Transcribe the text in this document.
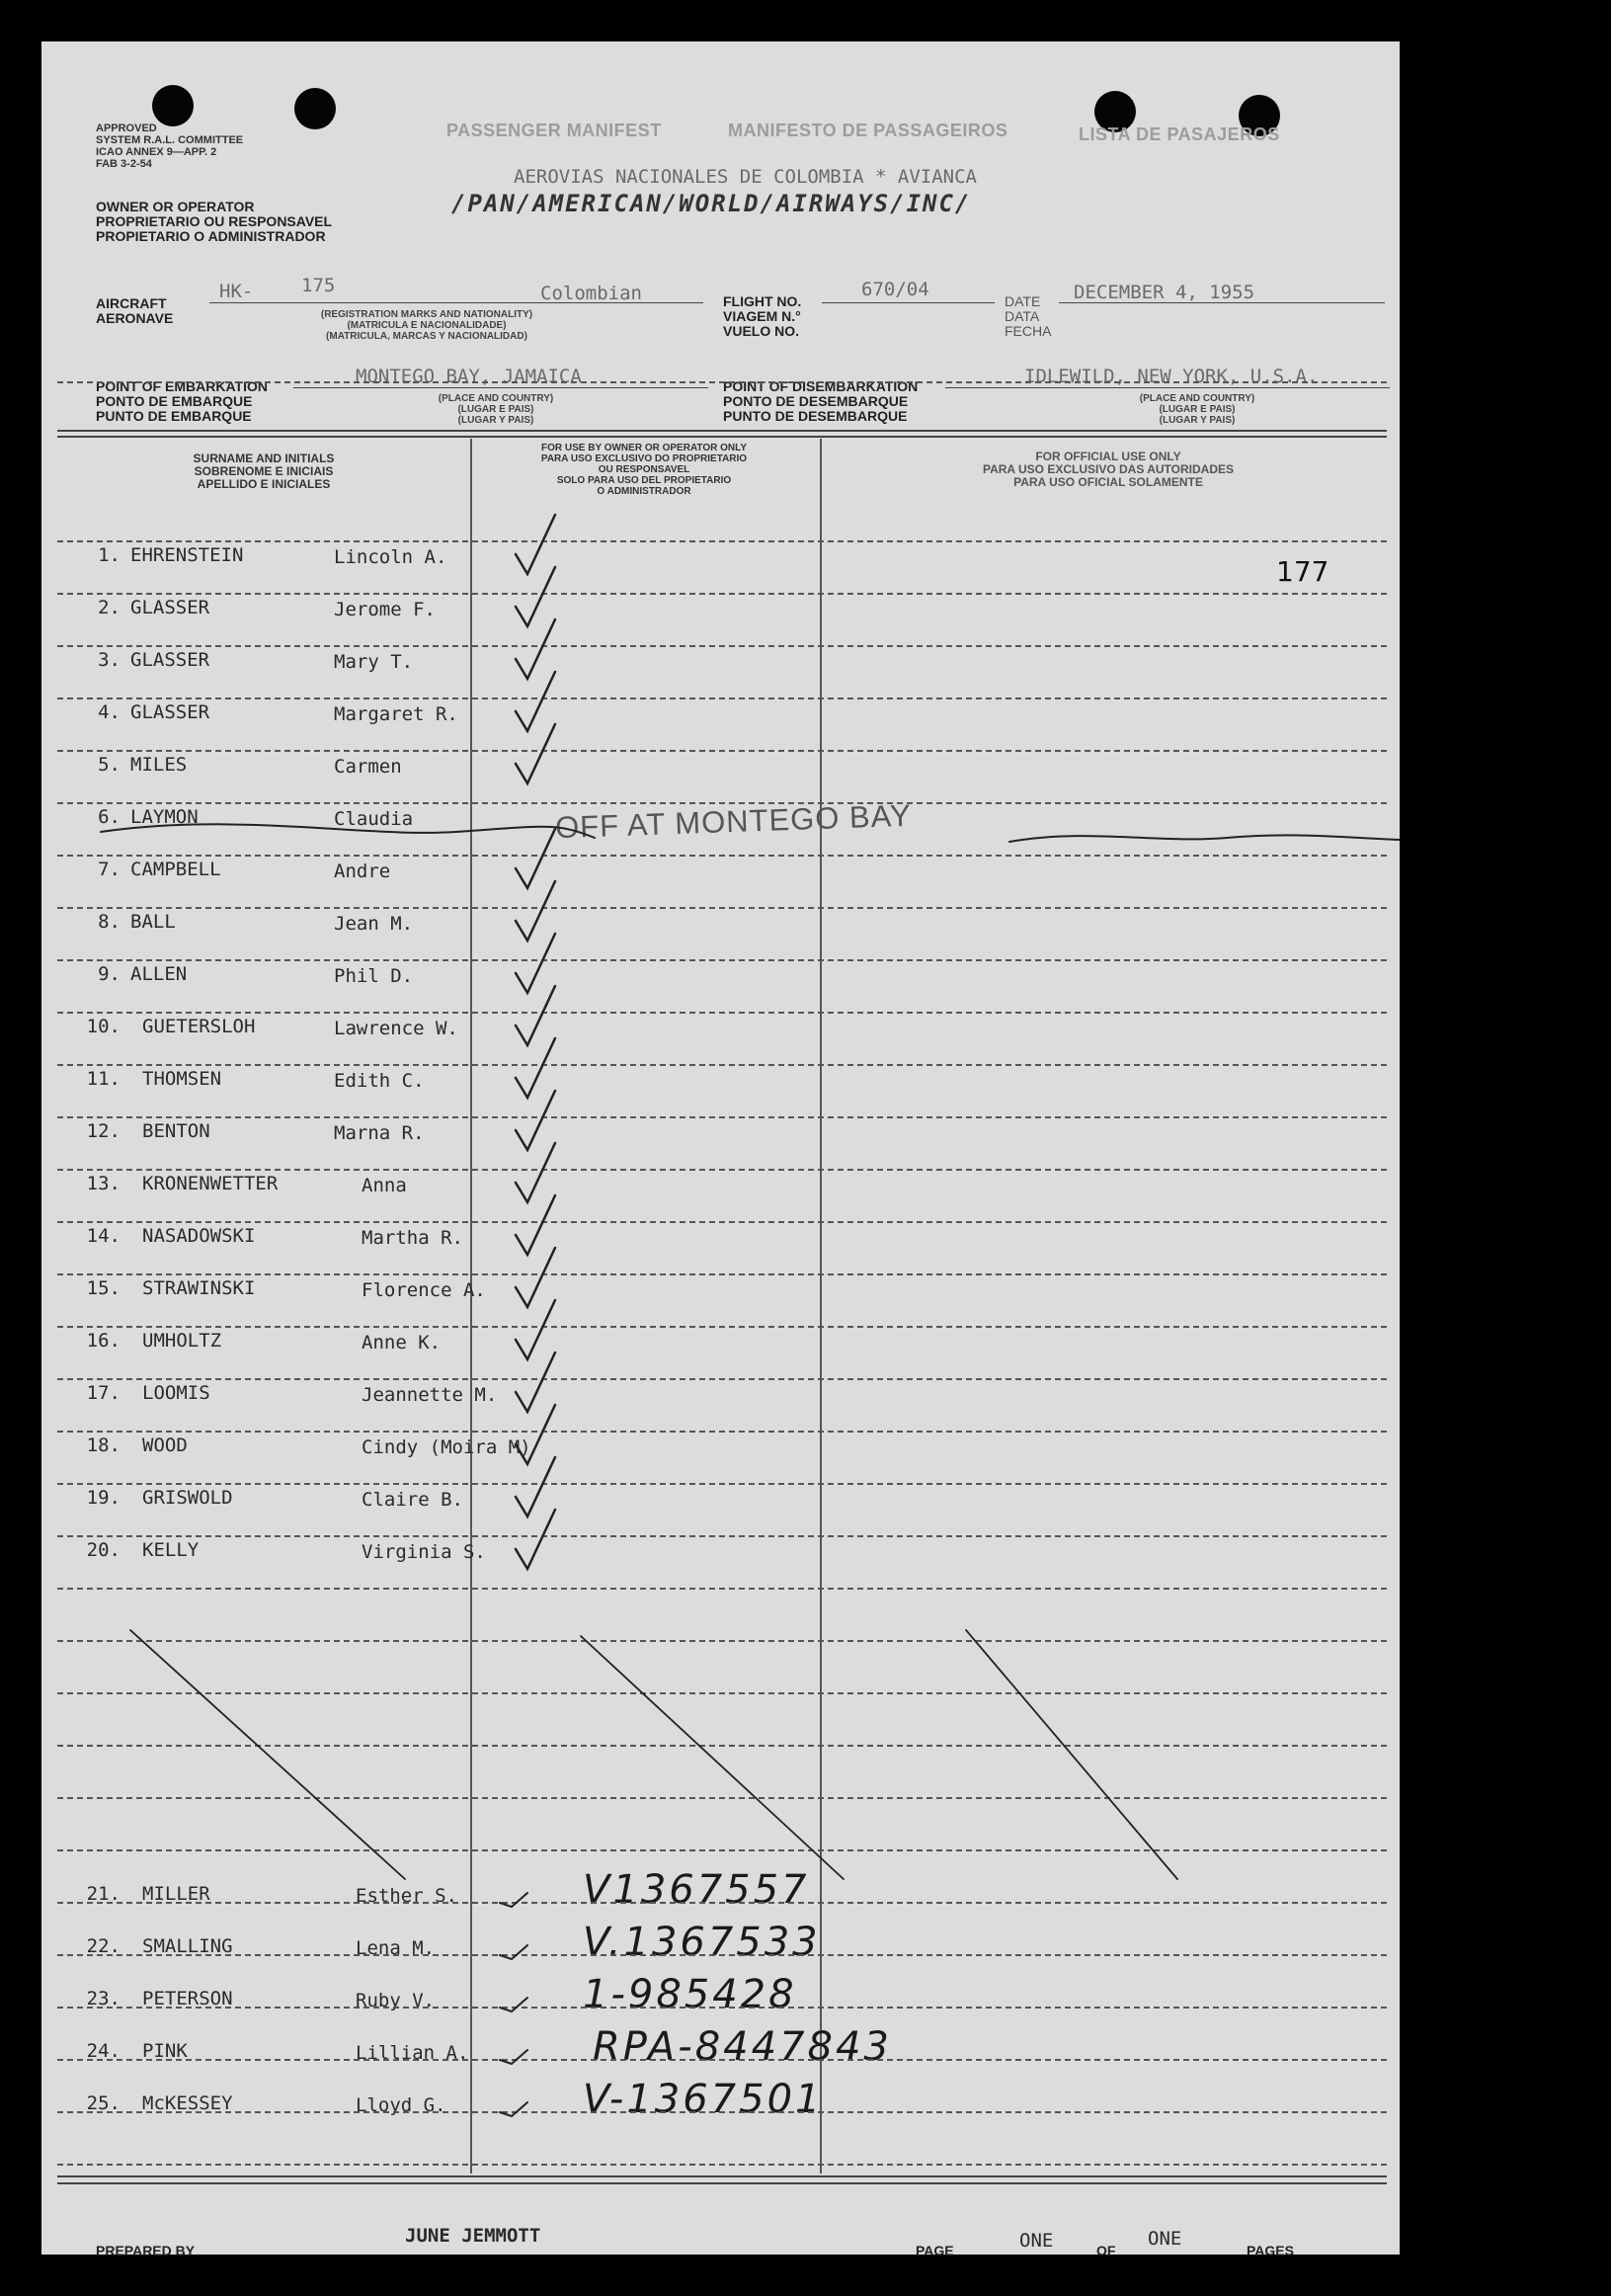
APPROVED
SYSTEM R.A.L. COMMITTEE
ICAO ANNEX 9—APP. 2
FAB 3-2-54
OWNER OR OPERATOR
PROPRIETARIO OU RESPONSAVEL
PROPIETARIO O ADMINISTRADOR
PASSENGER MANIFEST	MANIFESTO DE PASSAGEIROS	LISTA DE PASAJEROS
AEROVIAS NACIONALES DE COLOMBIA * AVIANCA
/PAN/AMERICAN/WORLD/AIRWAYS/INC/
AIRCRAFT
AERONAVE
HK-	175	Colombian
(REGISTRATION MARKS AND NATIONALITY)
(MATRICULA E NACIONALIDADE)
(MATRICULA, MARCAS Y NACIONALIDAD)
FLIGHT NO.
VIAGEM N.°
VUELO NO.
670/04
DATE
DATA
FECHA
DECEMBER 4, 1955
POINT OF EMBARKATION
PONTO DE EMBARQUE
PUNTO DE EMBARQUE
MONTEGO BAY, JAMAICA
(PLACE AND COUNTRY)
(LUGAR E PAIS)
(LUGAR Y PAIS)
POINT OF DISEMBARKATION
PONTO DE DESEMBARQUE
PUNTO DE DESEMBARQUE
IDLEWILD, NEW YORK, U.S.A.
(PLACE AND COUNTRY)
(LUGAR E PAIS)
(LUGAR Y PAIS)
SURNAME AND INITIALS
SOBRENOME E INICIAIS
APELLIDO E INICIALES
FOR USE BY OWNER OR OPERATOR ONLY
PARA USO EXCLUSIVO DO PROPRIETARIO
OU RESPONSAVEL
SOLO PARA USO DEL PROPIETARIO
O ADMINISTRADOR
FOR OFFICIAL USE ONLY
PARA USO EXCLUSIVO DAS AUTORIDADES
PARA USO OFICIAL SOLAMENTE
177
1. EHRENSTEIN	Lincoln A.
2. GLASSER	Jerome F.
3. GLASSER	Mary T.
4. GLASSER	Margaret R.
5. MILES	Carmen
6. LAYMON	Claudia
7. CAMPBELL	Andre
8. BALL	Jean M.
9. ALLEN	Phil D.
10. GUETERSLOH	Lawrence W.
11. THOMSEN	Edith C.
12. BENTON	Marna R.
13. KRONENWETTER	Anna
14. NASADOWSKI	Martha R.
15. STRAWINSKI	Florence A.
16. UMHOLTZ	Anne K.
17. LOOMIS	Jeannette M.
18. WOOD	Cindy (Moira M)
19. GRISWOLD	Claire B.
20. KELLY	Virginia S.
21. MILLER	Esther S.	V1367557
22. SMALLING	Lena M.	V.1367533
23. PETERSON	Ruby V.	1-985428
24. PINK	Lillian A.	RPA-8447843
25. McKESSEY	Lloyd G.	V-1367501
OFF AT MONTEGO BAY
PREPARED BY
JUNE JEMMOTT
PAGE	ONE	OF
ONE
PAGES
